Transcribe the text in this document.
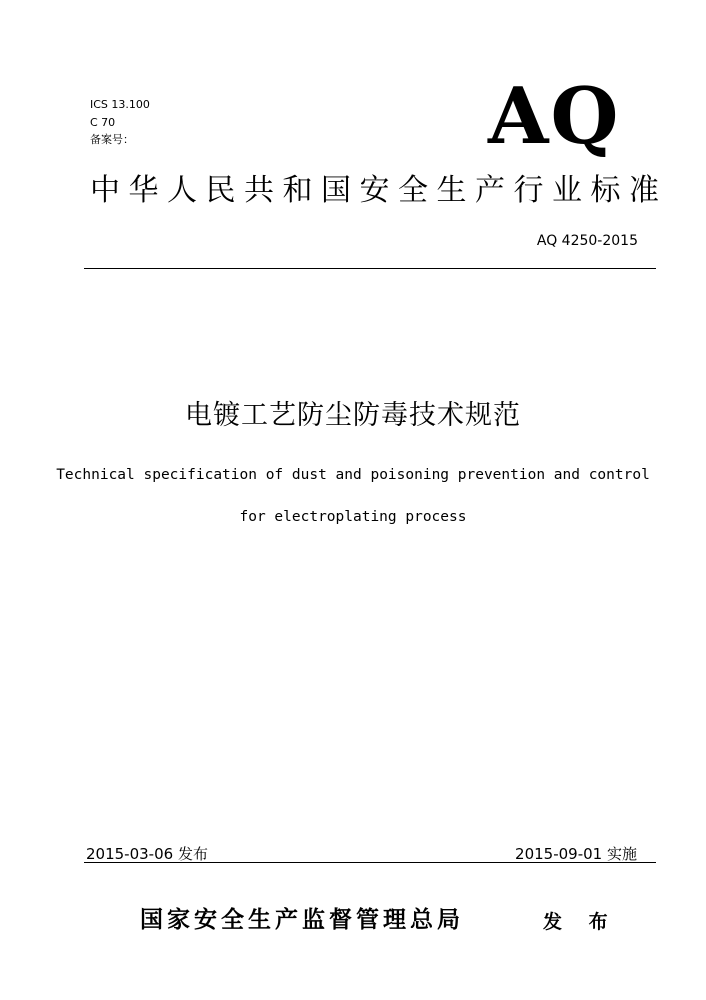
ICS 13.100
C 70
备案号：	AQ
中华人民共和国安全生产行业标准
AQ 4250-2015
电镀工艺防尘防毒技术规范
Technical specification of dust and poisoning prevention and control
for electroplating process
2015-03-06 发布	2015-09-01 实施
国家安全生产监督管理总局	发 布
